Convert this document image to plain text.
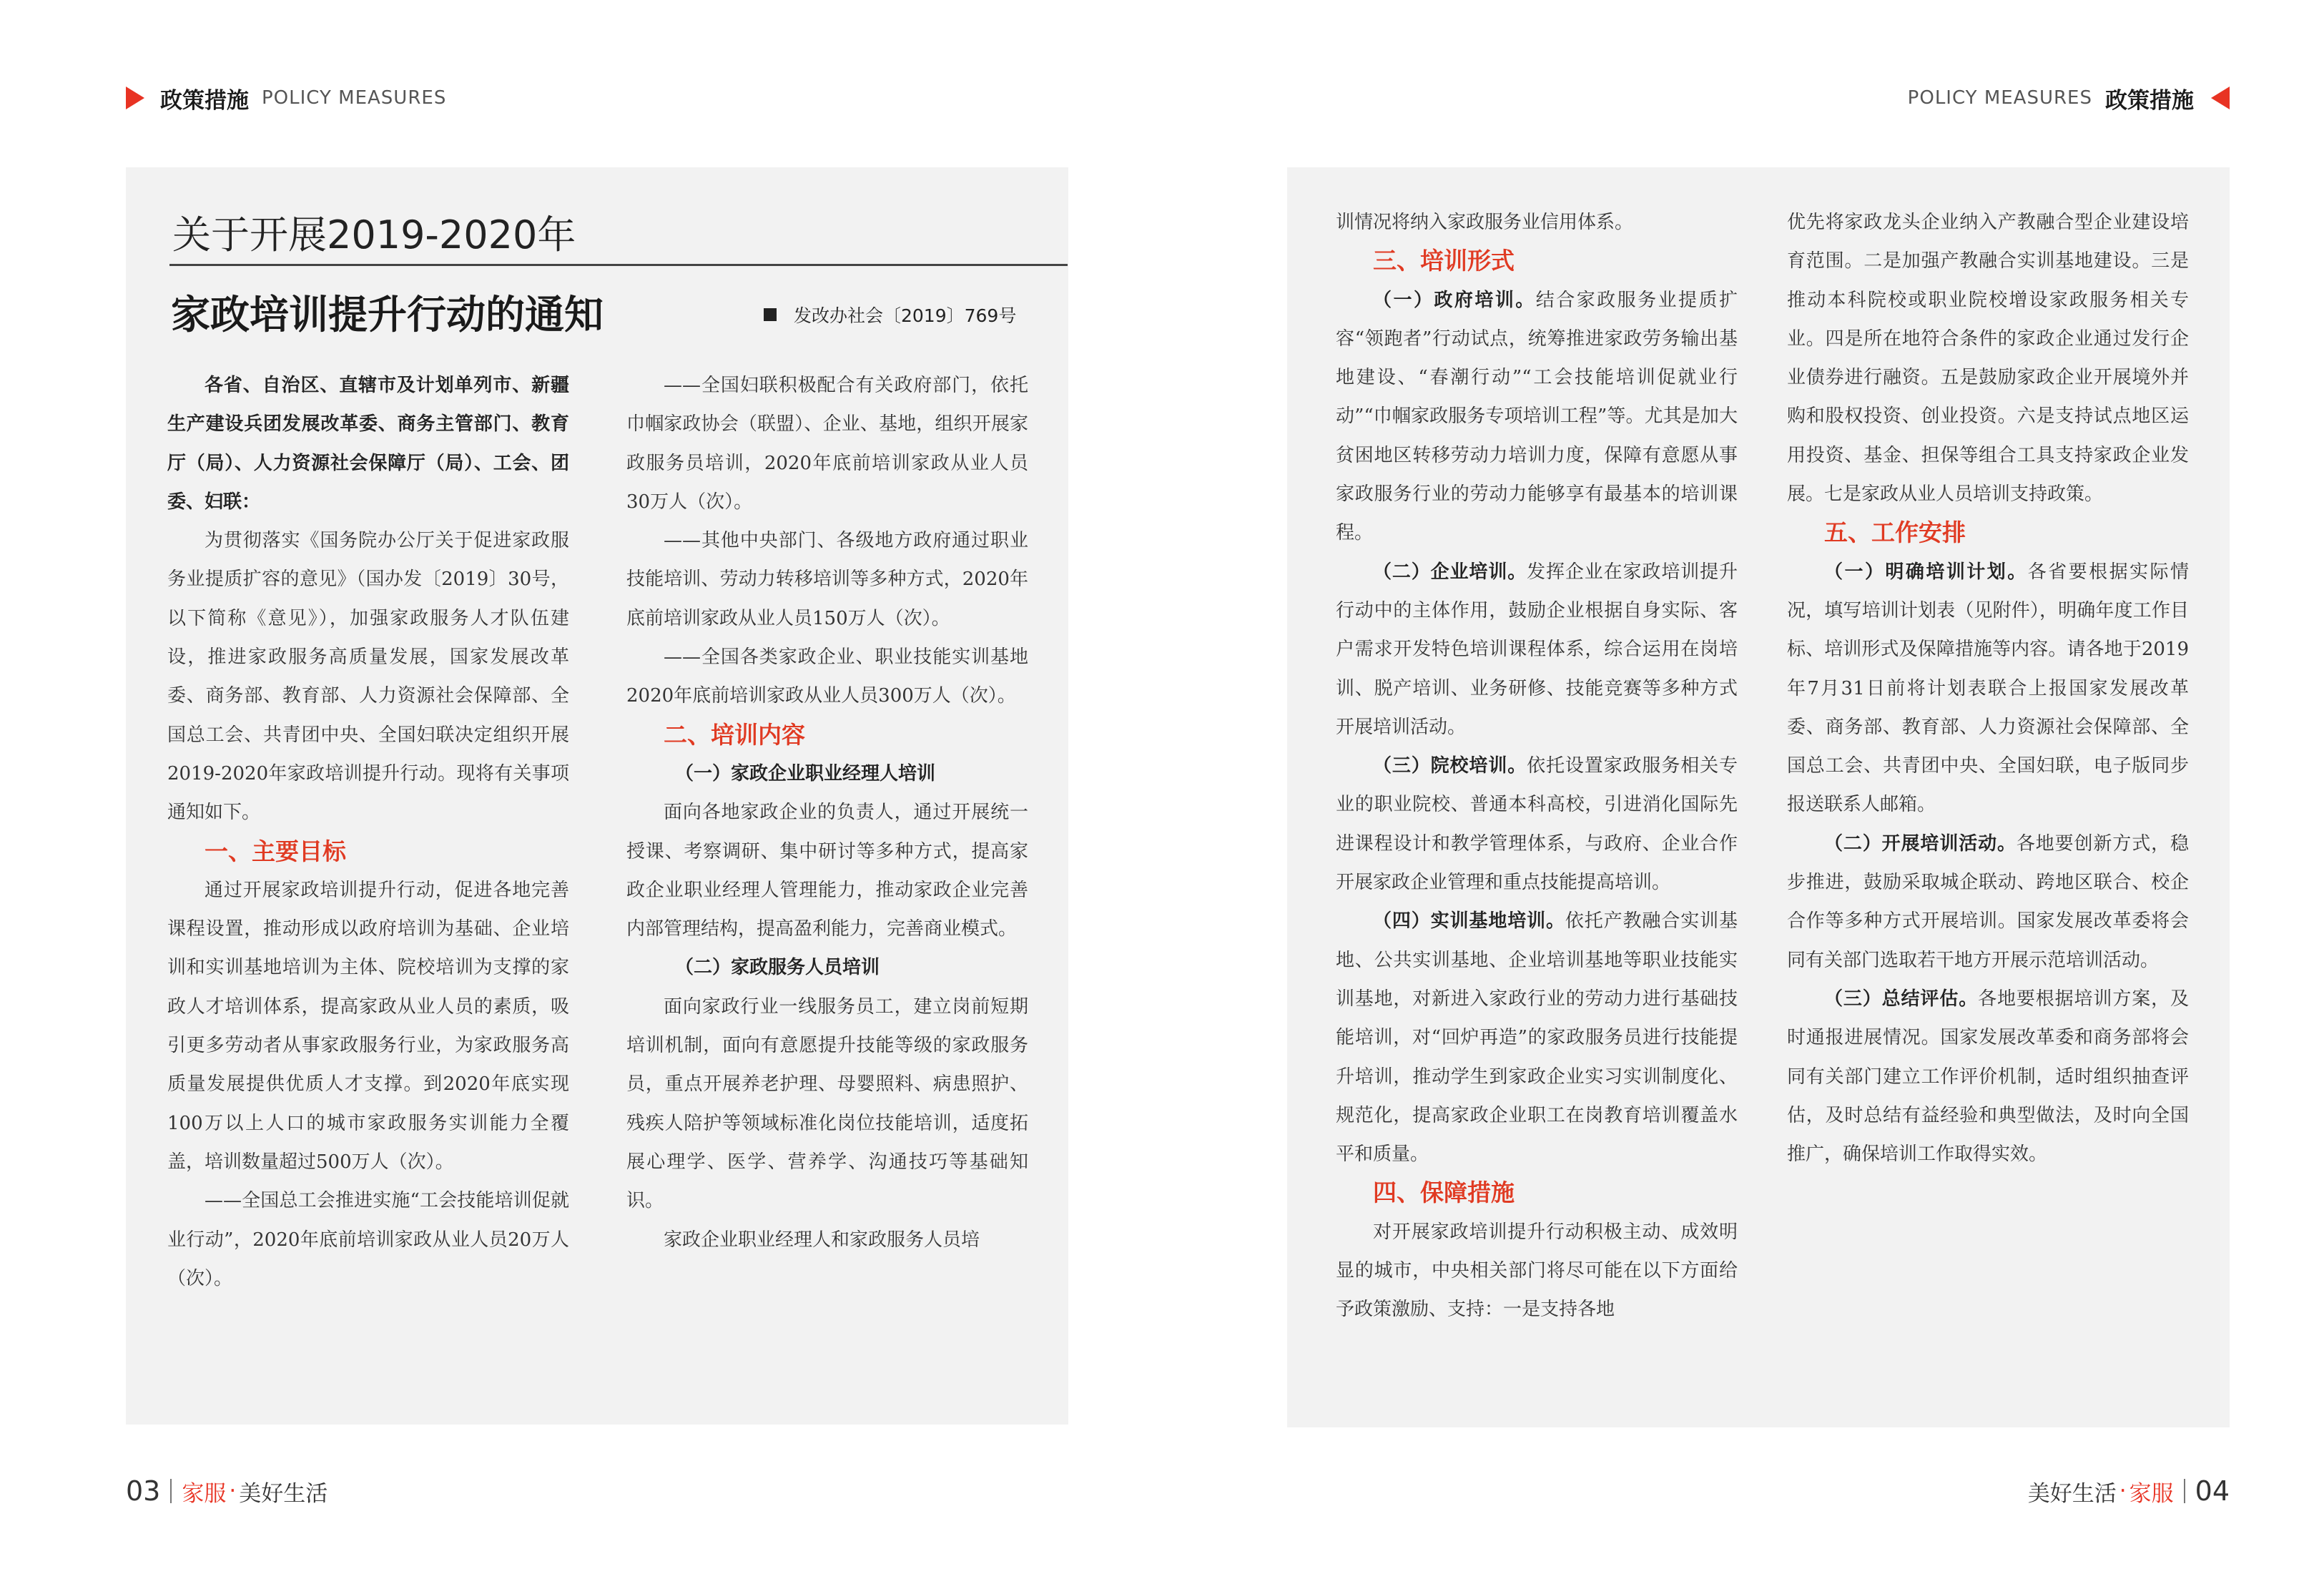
政策措施 POLICY MEASURES	POLICY MEASURES 政策措施
关于开展2019-2020年
家政培训提升行动的通知	发改办社会〔2019〕769号

各省、自治区、直辖市及计划单列市、新疆生产建设兵团发展改革委、商务主管部门、教育厅（局）、人力资源社会保障厅（局）、工会、团委、妇联：

为贯彻落实《国务院办公厅关于促进家政服务业提质扩容的意见》（国办发〔2019〕30号，以下简称《意见》），加强家政服务人才队伍建设，推进家政服务高质量发展，国家发展改革委、商务部、教育部、人力资源社会保障部、全国总工会、共青团中央、全国妇联决定组织开展2019-2020年家政培训提升行动。现将有关事项通知如下。

一、主要目标

通过开展家政培训提升行动，促进各地完善课程设置，推动形成以政府培训为基础、企业培训和实训基地培训为主体、院校培训为支撑的家政人才培训体系，提高家政从业人员的素质，吸引更多劳动者从事家政服务行业，为家政服务高质量发展提供优质人才支撑。到2020年底实现100万以上人口的城市家政服务实训能力全覆盖，培训数量超过500万人（次）。

——全国总工会推进实施“工会技能培训促就业行动”，2020年底前培训家政从业人员20万人（次）。

——全国妇联积极配合有关政府部门，依托巾帼家政协会（联盟）、企业、基地，组织开展家政服务员培训，2020年底前培训家政从业人员30万人（次）。

——其他中央部门、各级地方政府通过职业技能培训、劳动力转移培训等多种方式，2020年底前培训家政从业人员150万人（次）。

——全国各类家政企业、职业技能实训基地2020年底前培训家政从业人员300万人（次）。

二、培训内容
（一）家政企业职业经理人培训

面向各地家政企业的负责人，通过开展统一授课、考察调研、集中研讨等多种方式，提高家政企业职业经理人管理能力，推动家政企业完善内部管理结构，提高盈利能力，完善商业模式。

（二）家政服务人员培训

面向家政行业一线服务员工，建立岗前短期培训机制，面向有意愿提升技能等级的家政服务员，重点开展养老护理、母婴照料、病患照护、残疾人陪护等领域标准化岗位技能培训，适度拓展心理学、医学、营养学、沟通技巧等基础知识。

家政企业职业经理人和家政服务人员培

训情况将纳入家政服务业信用体系。

三、培训形式

（一）政府培训。结合家政服务业提质扩容“领跑者”行动试点，统筹推进家政劳务输出基地建设、“春潮行动”“工会技能培训促就业行动”“巾帼家政服务专项培训工程”等。尤其是加大贫困地区转移劳动力培训力度，保障有意愿从事家政服务行业的劳动力能够享有最基本的培训课程。

（二）企业培训。发挥企业在家政培训提升行动中的主体作用，鼓励企业根据自身实际、客户需求开发特色培训课程体系，综合运用在岗培训、脱产培训、业务研修、技能竞赛等多种方式开展培训活动。

（三）院校培训。依托设置家政服务相关专业的职业院校、普通本科高校，引进消化国际先进课程设计和教学管理体系，与政府、企业合作开展家政企业管理和重点技能提高培训。

（四）实训基地培训。依托产教融合实训基地、公共实训基地、企业培训基地等职业技能实训基地，对新进入家政行业的劳动力进行基础技能培训，对“回炉再造”的家政服务员进行技能提升培训，推动学生到家政企业实习实训制度化、规范化，提高家政企业职工在岗教育培训覆盖水平和质量。

四、保障措施

对开展家政培训提升行动积极主动、成效明显的城市，中央相关部门将尽可能在以下方面给予政策激励、支持：一是支持各地

优先将家政龙头企业纳入产教融合型企业建设培育范围。二是加强产教融合实训基地建设。三是推动本科院校或职业院校增设家政服务相关专业。四是所在地符合条件的家政企业通过发行企业债券进行融资。五是鼓励家政企业开展境外并购和股权投资、创业投资。六是支持试点地区运用投资、基金、担保等组合工具支持家政企业发展。七是家政从业人员培训支持政策。

五、工作安排

（一）明确培训计划。各省要根据实际情况，填写培训计划表（见附件），明确年度工作目标、培训形式及保障措施等内容。请各地于2019年7月31日前将计划表联合上报国家发展改革委、商务部、教育部、人力资源社会保障部、全国总工会、共青团中央、全国妇联，电子版同步报送联系人邮箱。

（二）开展培训活动。各地要创新方式，稳步推进，鼓励采取城企联动、跨地区联合、校企合作等多种方式开展培训。国家发展改革委将会同有关部门选取若干地方开展示范培训活动。

（三）总结评估。各地要根据培训方案，及时通报进展情况。国家发展改革委和商务部将会同有关部门建立工作评价机制，适时组织抽查评估，及时总结有益经验和典型做法，及时向全国推广，确保培训工作取得实效。

03 家服 · 美好生活	美好生活 · 家服 04
